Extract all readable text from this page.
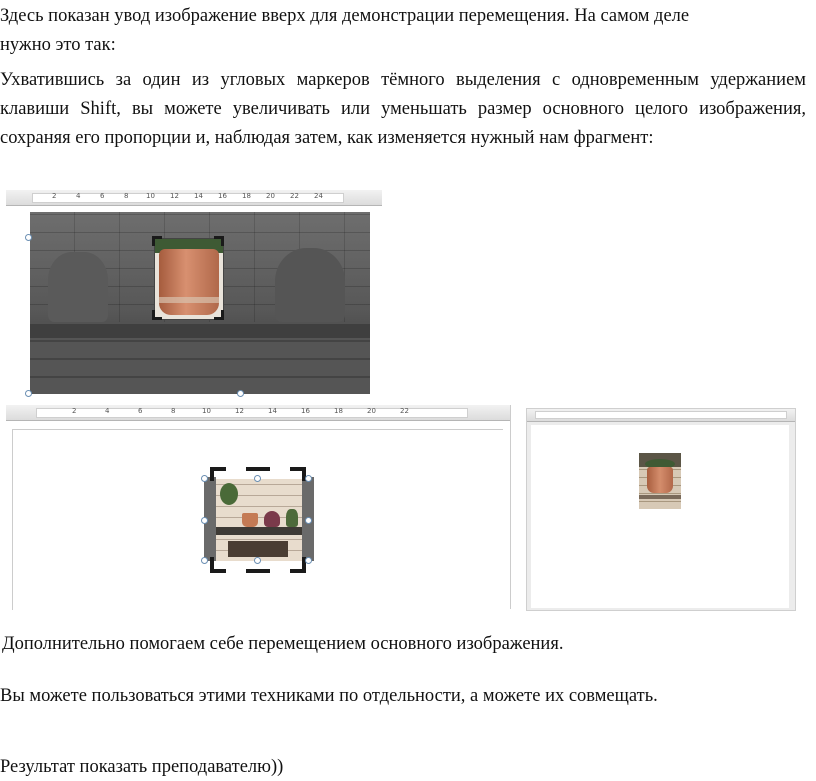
Здесь показан увод изображение вверх для демонстрации перемещения. На самом деле

нужно это так:

Ухватившись за один из угловых маркеров тёмного выделения с одновременным удержанием клавиши Shift, вы можете увеличивать или уменьшать размер основного целого изображения, сохраняя его пропорции и, наблюдая затем, как изменяется нужный нам фрагмент:

2	4	6	8	10 12 14 16 18 20 22 24
2	4	6	8	10	12	14	16	18	20	22

Дополнительно помогаем себе перемещением основного изображения.

Вы можете пользоваться этими техниками по отдельности, а можете их совмещать.

Результат показать преподавателю))
